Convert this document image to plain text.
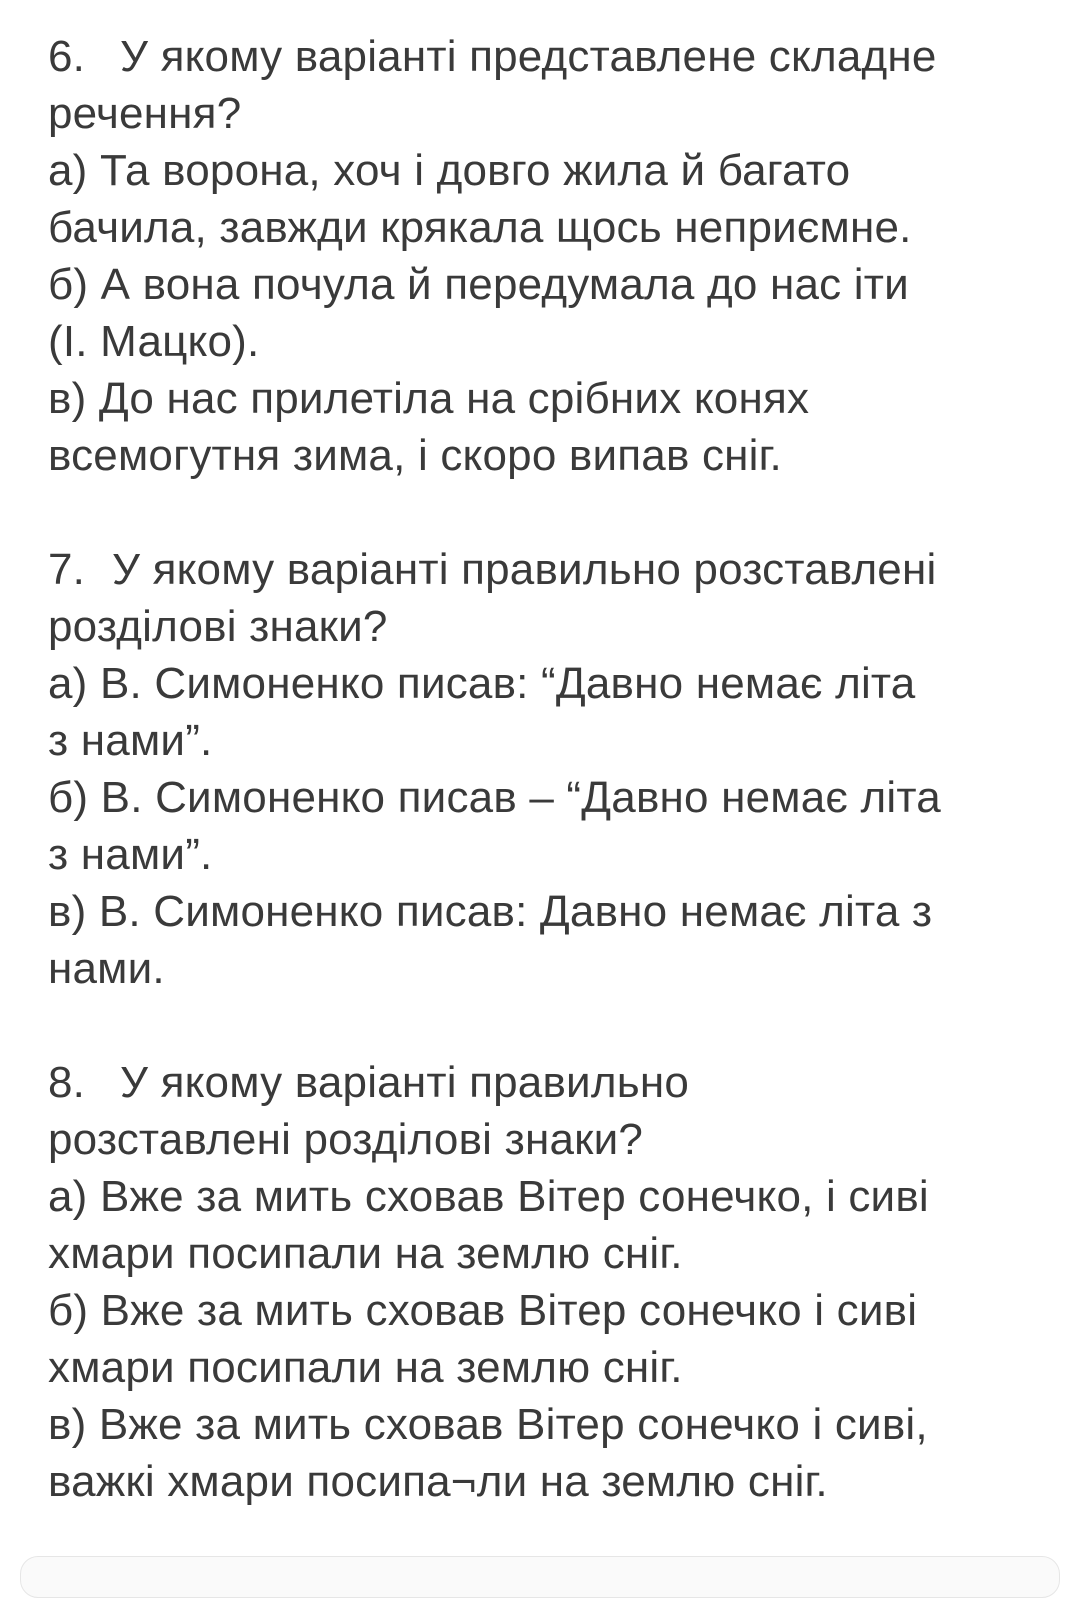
6. У якому варіанті представлене складне
речення?
а) Та ворона, хоч і довго жила й багато
бачила, завжди крякала щось неприємне.
б) А вона почула й передумала до нас іти
(І. Мацко).
в) До нас прилетіла на срібних конях
всемогутня зима, і скоро випав сніг.
7. У якому варіанті правильно розставлені
розділові знаки?
а) В. Симоненко писав: “Давно немає літа
з нами”.
б) В. Симоненко писав – “Давно немає літа
з нами”.
в) В. Симоненко писав: Давно немає літа з
нами.
8. У якому варіанті правильно
розставлені розділові знаки?
а) Вже за мить сховав Вітер сонечко, і сиві
хмари посипали на землю сніг.
б) Вже за мить сховав Вітер сонечко і сиві
хмари посипали на землю сніг.
в) Вже за мить сховав Вітер сонечко і сиві,
важкі хмари посипа¬ли на землю сніг.
